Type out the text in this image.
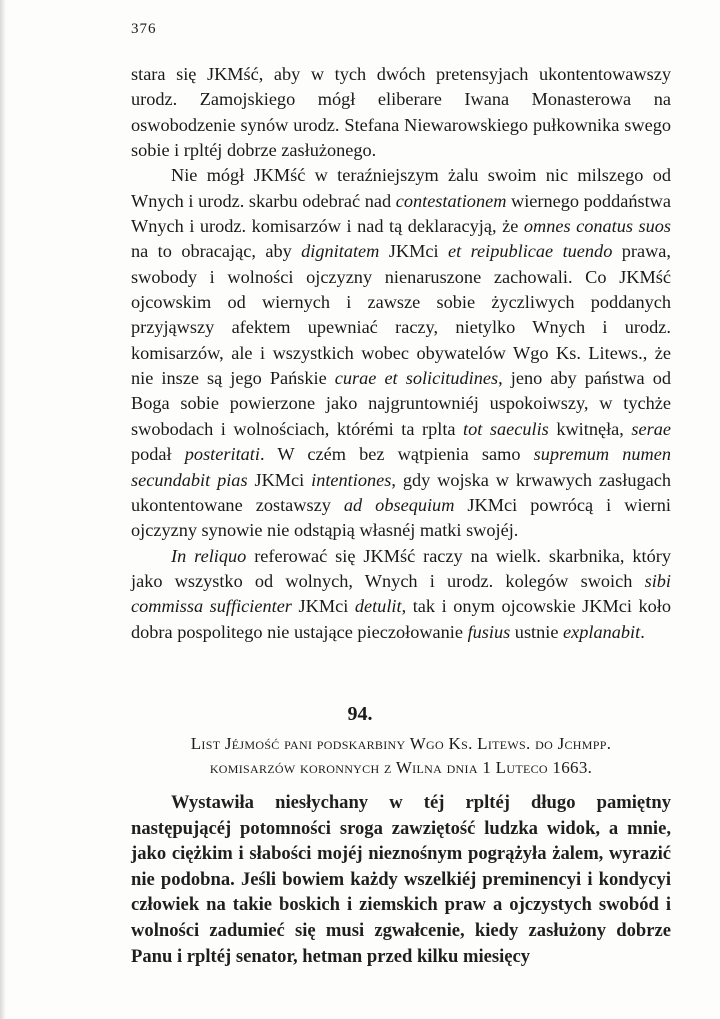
376

stara się JKMść, aby w tych dwóch pretensyjach ukontentowawszy urodz. Zamojskiego mógł eliberare Iwana Monasterowa na oswobodzenie synów urodz. Stefana Niewarowskiego pułkownika swego sobie i rpltéj dobrze zasłużonego.

Nie mógł JKMść w teraźniejszym żalu swoim nic milszego od Wnych i urodz. skarbu odebrać nad contestationem wiernego poddaństwa Wnych i urodz. komisarzów i nad tą deklaracyją, że omnes conatus suos na to obracając, aby dignitatem JKMci et reipublicae tuendo prawa, swobody i wolności ojczyzny nienaruszone zachowali. Co JKMść ojcowskim od wiernych i zawsze sobie życzliwych poddanych przyjąwszy afektem upewniać raczy, nietylko Wnych i urodz. komisarzów, ale i wszystkich wobec obywatelów Wgo Ks. Litews., że nie insze są jego Pańskie curae et solicitudines, jeno aby państwa od Boga sobie powierzone jako najgruntowniéj uspokoiwszy, w tychże swobodach i wolnościach, którémi ta rplta tot saeculis kwitnęła, serae podał posteritati. W czém bez wątpienia samo supremum numen secundabit pias JKMci intentiones, gdy wojska w krwawych zasługach ukontentowane zostawszy ad obsequium JKMci powrócą i wierni ojczyzny synowie nie odstąpią własnéj matki swojéj.

In reliquo referować się JKMść raczy na wielk. skarbnika, który jako wszystko od wolnych, Wnych i urodz. kolegów swoich sibi commissa sufficienter JKMci detulit, tak i onym ojcowskie JKMci koło dobra pospolitego nie ustające pieczołowanie fusius ustnie explanabit.

94.
List Jéjmość pani podskarbiny Wgo Ks. Litews. do Jchmpp.
komisarzów koronnych z Wilna dnia 1 Luteco 1663.

Wystawiła niesłychany w téj rpltéj długo pamiętny następującéj potomności sroga zawziętość ludzka widok, a mnie, jako ciężkim i słabości mojéj nieznośnym pogrążyła żalem, wyrazić nie podobna. Jeśli bowiem każdy wszelkiéj preminencyi i kondycyi człowiek na takie boskich i ziemskich praw a ojczystych swobód i wolności zadumieć się musi zgwałcenie, kiedy zasłużony dobrze Panu i rpltéj senator, hetman przed kilku miesięcy
